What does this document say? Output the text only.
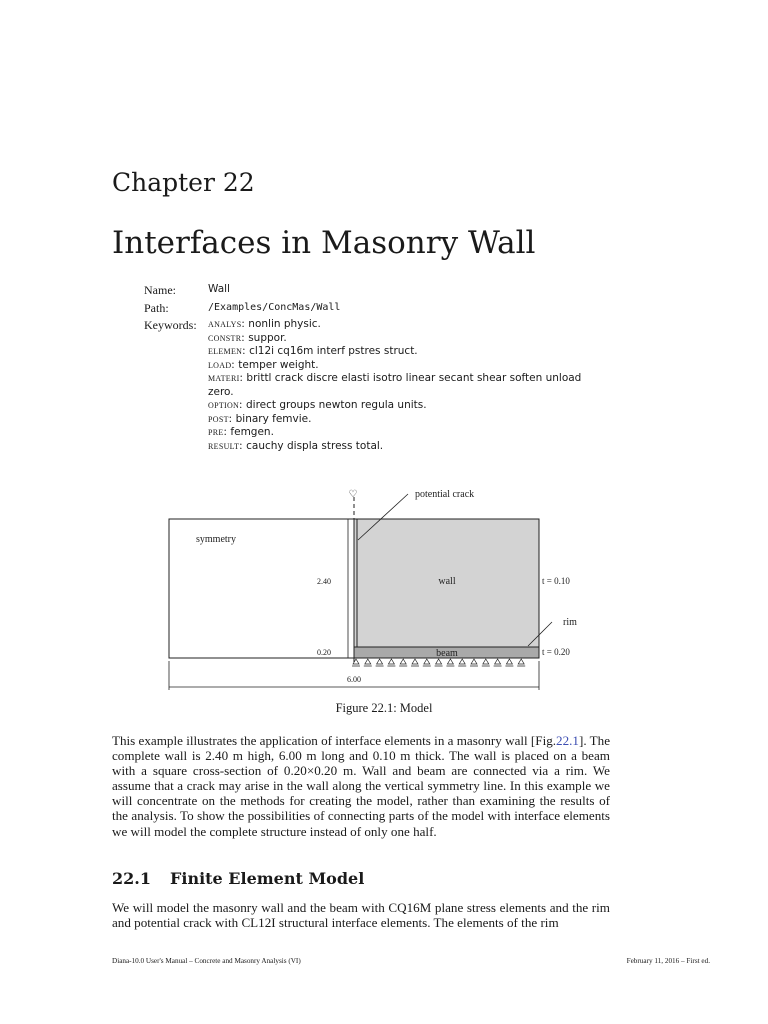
Chapter 22
Interfaces in Masonry Wall
Name:	Wall
Path:	/Examples/ConcMas/Wall
Keywords: analys: nonlin physic.
constr: suppor.
elemen: cl12i cq16m interf pstres struct.
load: temper weight.
materi: brittl crack discre elasti isotro linear secant shear soften unload
zero.
option: direct groups newton regula units.
post: binary femvie.
pre: femgen.
result: cauchy displa stress total.
♡	potential crack
symmetry
wall
beam
rim
2.40
0.20
6.00
t = 0.10
t = 0.20
Figure 22.1: Model
This example illustrates the application of interface elements in a masonry wall [Fig.22.1]. The complete wall is 2.40 m high, 6.00 m long and 0.10 m thick. The wall is placed on a beam with a square cross-section of 0.20×0.20 m. Wall and beam are connected via a rim. We assume that a crack may arise in the wall along the vertical symmetry line. In this example we will concentrate on the methods for creating the model, rather than examining the results of the analysis. To show the possibilities of connecting parts of the model with interface elements we will model the complete structure instead of only one half.
22.1 Finite Element Model
We will model the masonry wall and the beam with CQ16M plane stress elements and the rim and potential crack with CL12I structural interface elements. The elements of the rim
Diana-10.0 User's Manual – Concrete and Masonry Analysis (VI)	February 11, 2016 – First ed.
